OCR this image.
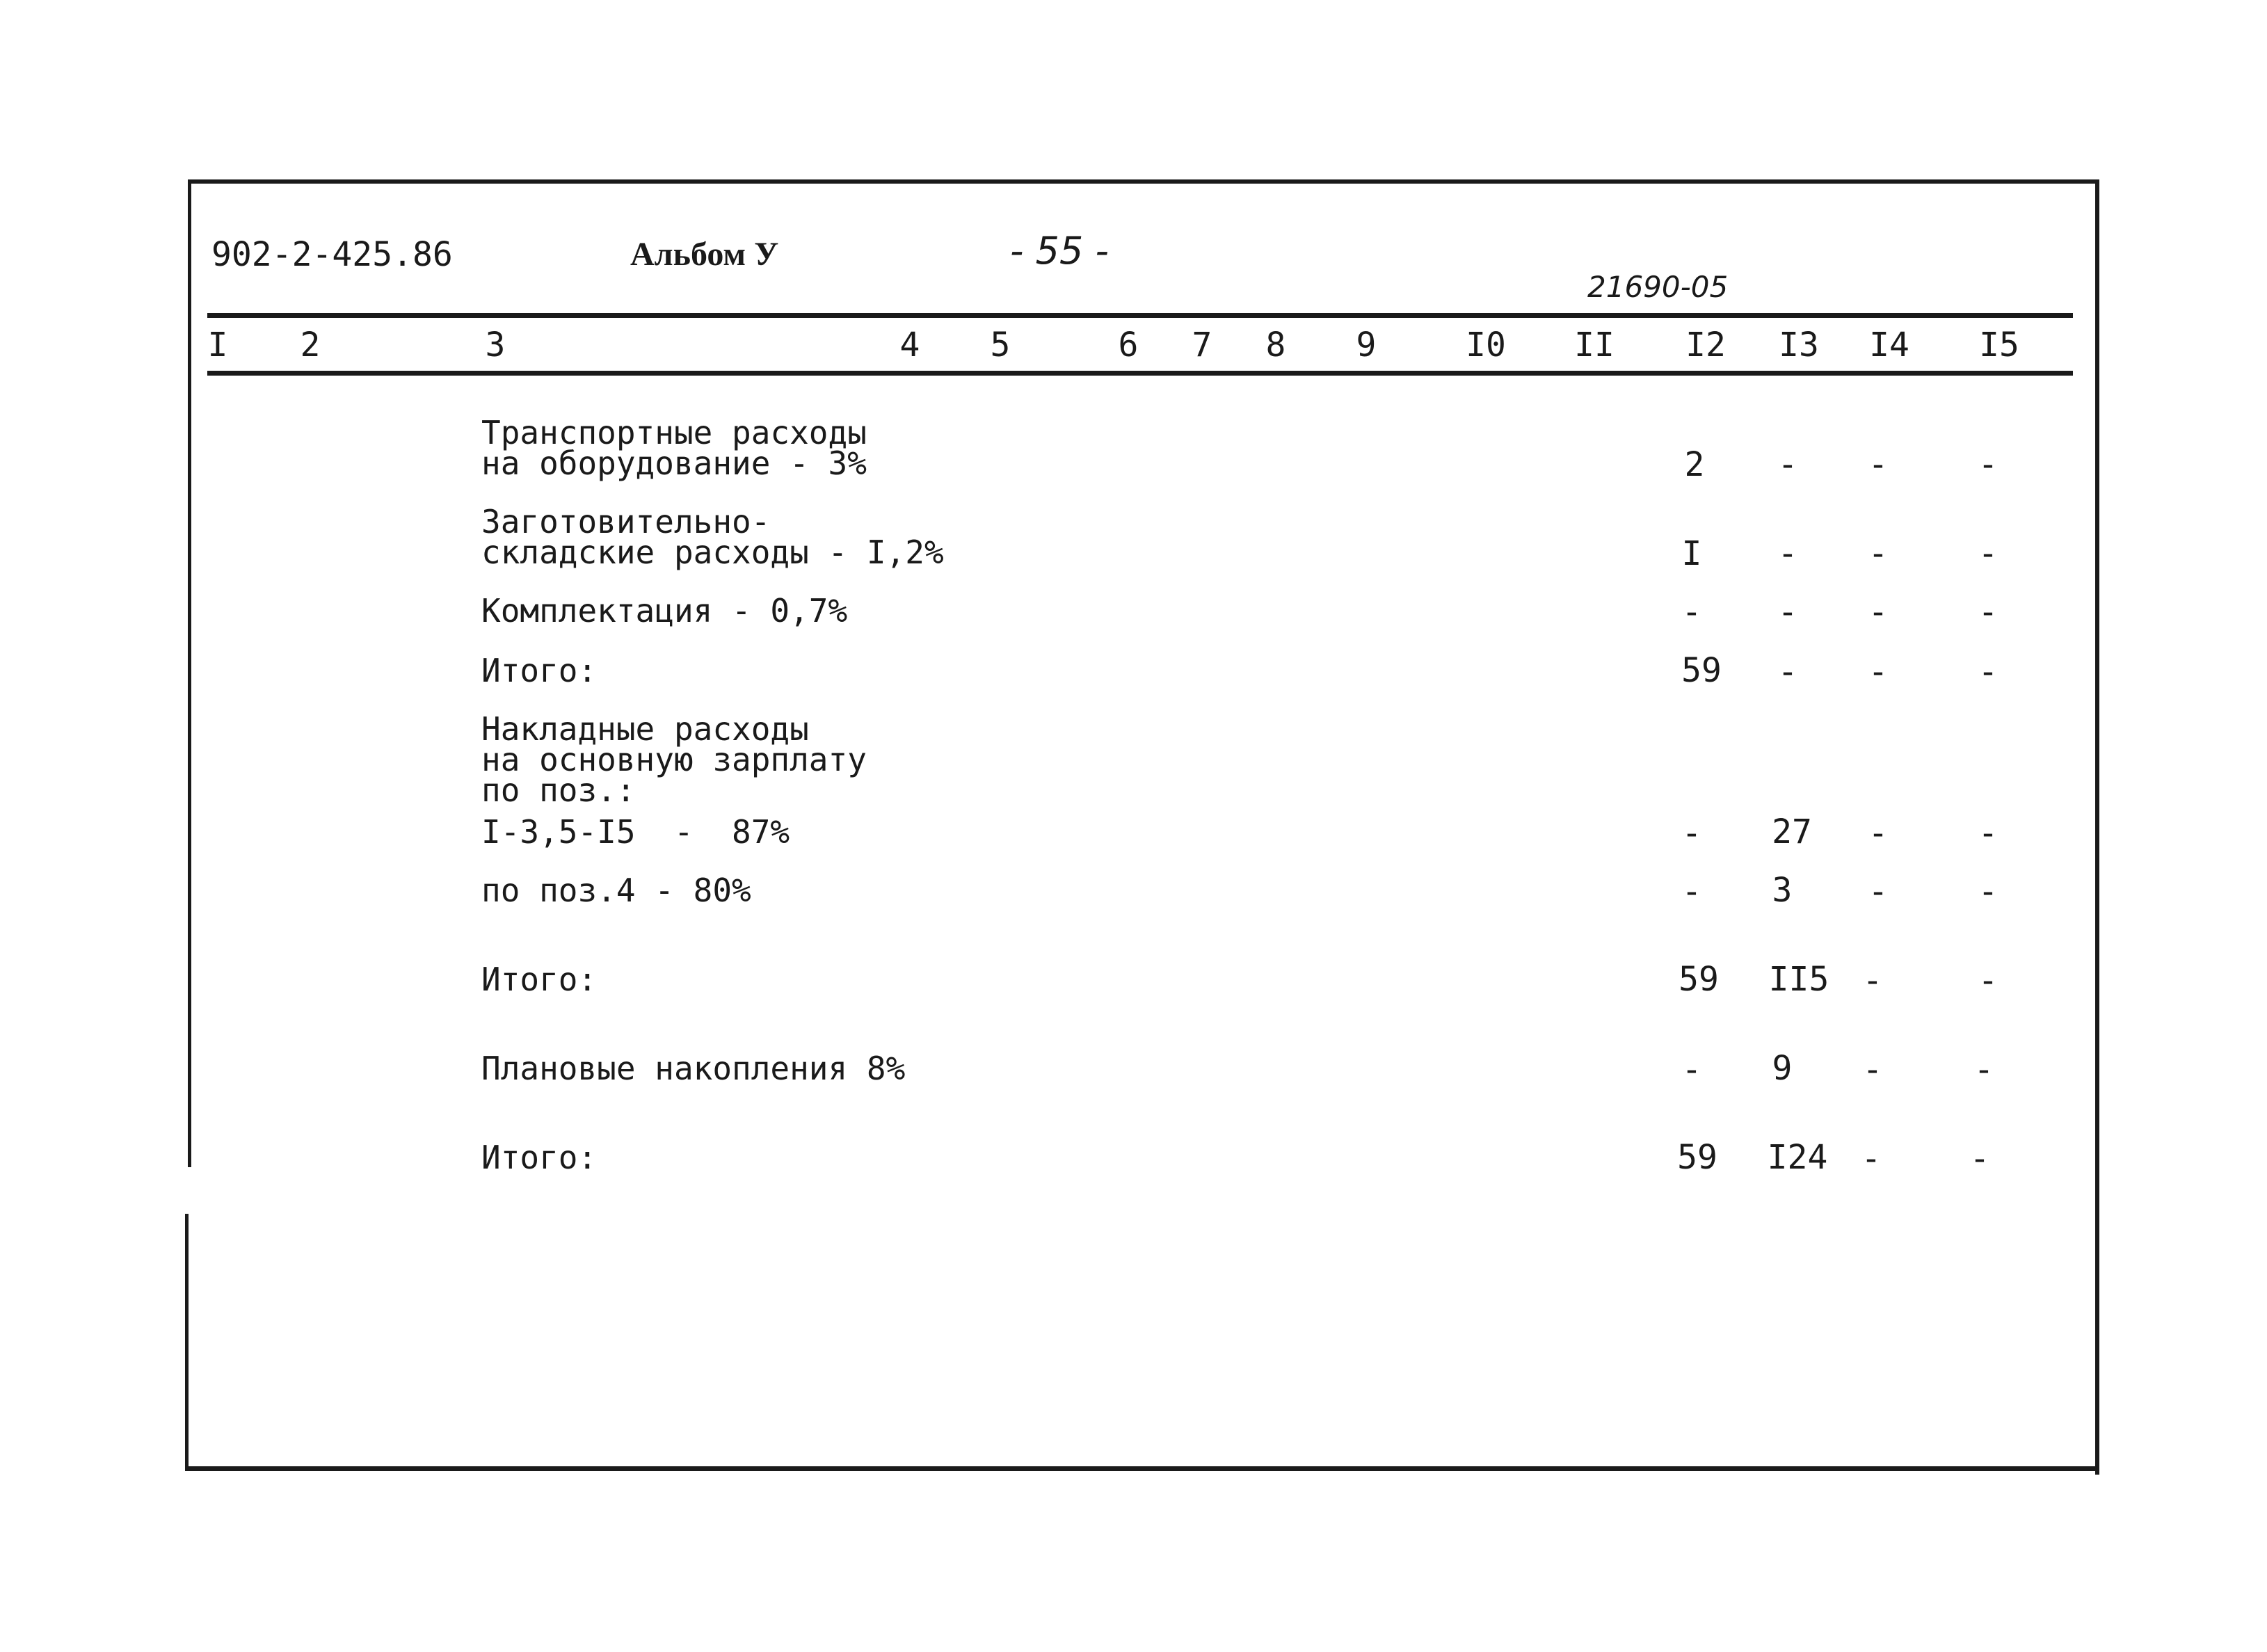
902-2-425.86	Альбом У	- 55 -
21690-05
I 2	3	4 5	6 7 8 9	I0 II I2 I3 I4 I5
Транспортные расходы
на оборудование - 3%	2 - -	-
Заготовительно-
складские расходы - I,2%	I - -	-
Комплектация - 0,7%	- - -	-
Итого:	59 - -	-
Накладные расходы
на основную зарплату
по поз.:
I-3,5-I5  -  87%	- 27 -	-
по поз.4 - 80%	- 3 -	-
Итого:	59 II5 -	-
Плановые накопления 8%	- 9 -	-
Итого:	59 I24 -	-
